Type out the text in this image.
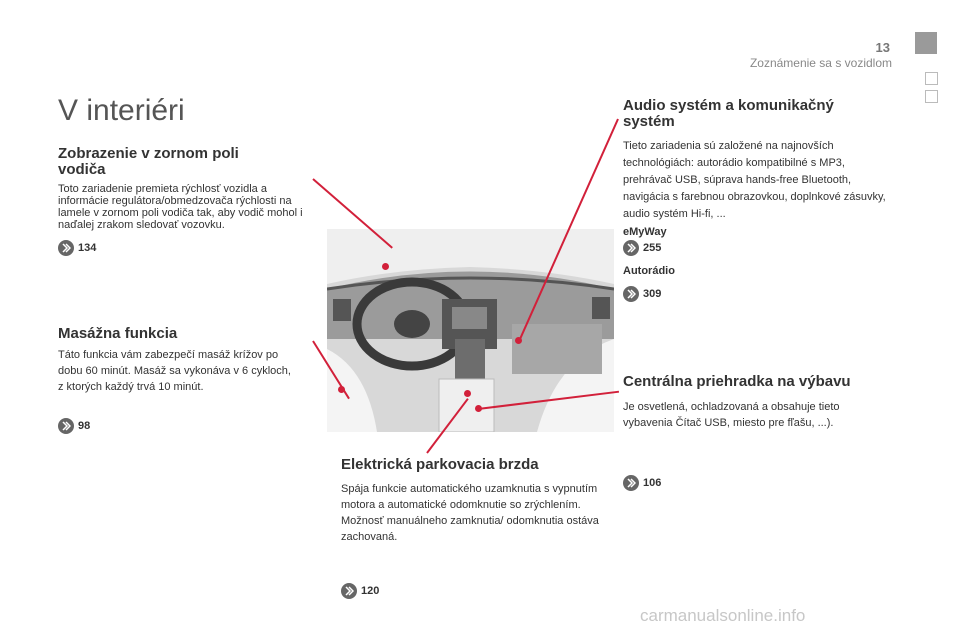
13
Zoznámenie sa s vozidlom
V interiéri
Zobrazenie v zornom poli vodiča

Toto zariadenie premieta rýchlosť vozidla a informácie regulátora/obmedzovača rýchlosti na lamele v zornom poli vodiča tak, aby vodič mohol i naďalej zrakom sledovať vozovku.

134
Masážna funkcia

Táto funkcia vám zabezpečí masáž krížov po dobu 60 minút. Masáž sa vykonáva v 6 cykloch, z ktorých každý trvá 10 minút.

98
Audio systém a komunikačný systém

Tieto zariadenia sú založené na najnovších technológiách: autorádio kompatibilné s MP3, prehrávač USB, súprava hands-free Bluetooth, navigácia s farebnou obrazovkou, doplnkové zásuvky, audio systém Hi-fi, ...

eMyWay
255
Autorádio
309
Centrálna priehradka na výbavu

Je osvetlená, ochladzovaná a obsahuje tieto vybavenia Čítač USB, miesto pre fľašu, ...).

106
Elektrická parkovacia brzda

Spája funkcie automatického uzamknutia s vypnutím motora a automatické odomknutie so zrýchlením. Možnosť manuálneho zamknutia/ odomknutia ostáva zachovaná.

120
carmanualsonline.info
